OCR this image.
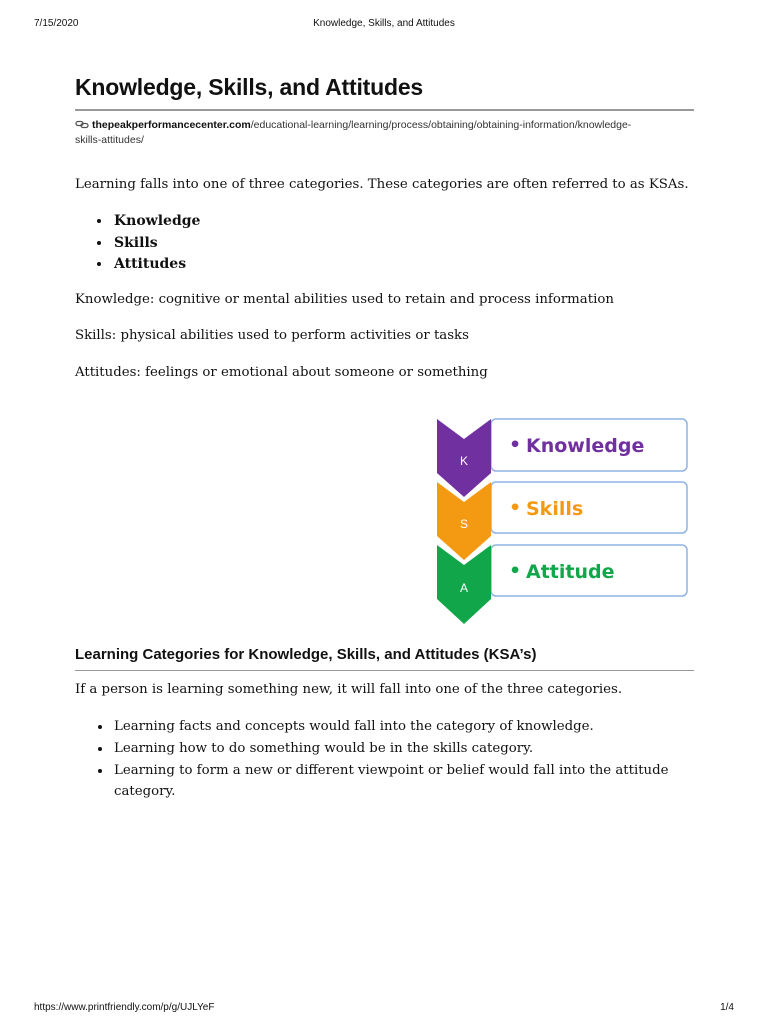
7/15/2020	Knowledge, Skills, and Attitudes
Knowledge, Skills, and Attitudes
thepeakperformancecenter.com/educational-learning/learning/process/obtaining/obtaining-information/knowledge-
skills-attitudes/

Learning falls into one of three categories. These categories are often referred to as KSAs.

• Knowledge
• Skills
• Attitudes

Knowledge: cognitive or mental abilities used to retain and process information

Skills: physical abilities used to perform activities or tasks

Attitudes: feelings or emotional about someone or something

K
S
A
•
•
•
Knowledge
Skills
Attitude
Learning Categories for Knowledge, Skills, and Attitudes (KSA’s)

If a person is learning something new, it will fall into one of the three categories.

• Learning facts and concepts would fall into the category of knowledge.
• Learning how to do something would be in the skills category.
• Learning to form a new or different viewpoint or belief would fall into the attitude category.
https://www.printfriendly.com/p/g/UJLYeF	1/4
